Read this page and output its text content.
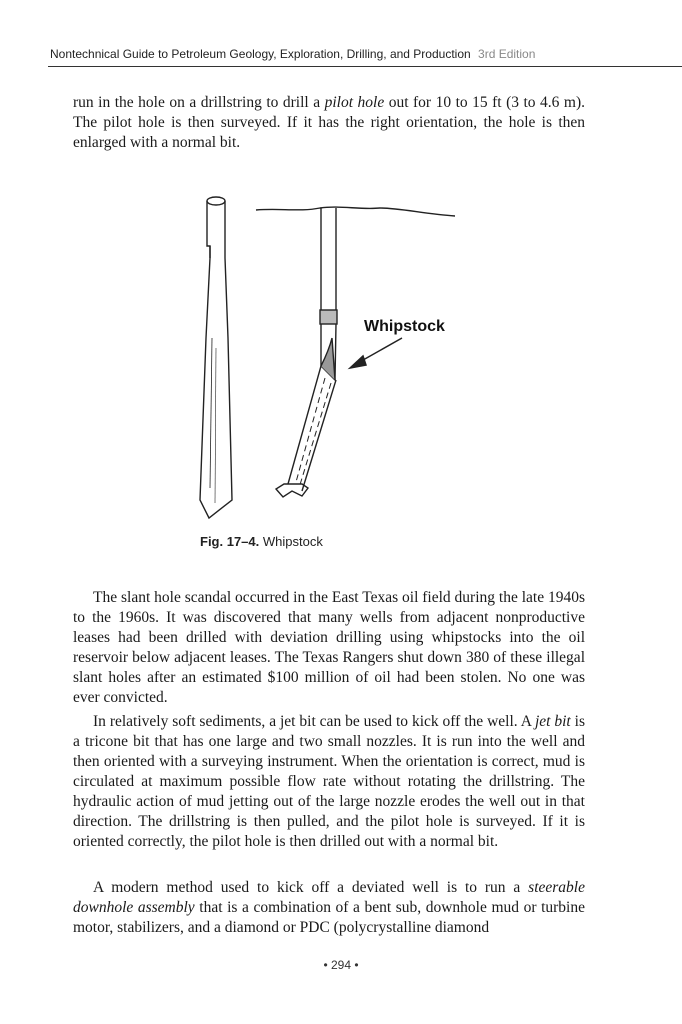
Nontechnical Guide to Petroleum Geology, Exploration, Drilling, and Production 3rd Edition

run in the hole on a drillstring to drill a pilot hole out for 10 to 15 ft (3 to 4.6 m). The pilot hole is then surveyed. If it has the right orientation, the hole is then enlarged with a normal bit.

Whipstock
Fig. 17–4. Whipstock

The slant hole scandal occurred in the East Texas oil field during the late 1940s to the 1960s. It was discovered that many wells from adjacent nonproductive leases had been drilled with deviation drilling using whipstocks into the oil reservoir below adjacent leases. The Texas Rangers shut down 380 of these illegal slant holes after an estimated $100 million of oil had been stolen. No one was ever convicted.

In relatively soft sediments, a jet bit can be used to kick off the well. A jet bit is a tricone bit that has one large and two small nozzles. It is run into the well and then oriented with a surveying instrument. When the orientation is correct, mud is circulated at maximum possible flow rate without rotating the drillstring. The hydraulic action of mud jetting out of the large nozzle erodes the well out in that direction. The drillstring is then pulled, and the pilot hole is surveyed. If it is oriented correctly, the pilot hole is then drilled out with a normal bit.

A modern method used to kick off a deviated well is to run a steerable downhole assembly that is a combination of a bent sub, downhole mud or turbine motor, stabilizers, and a diamond or PDC (polycrystalline diamond

• 294 •
